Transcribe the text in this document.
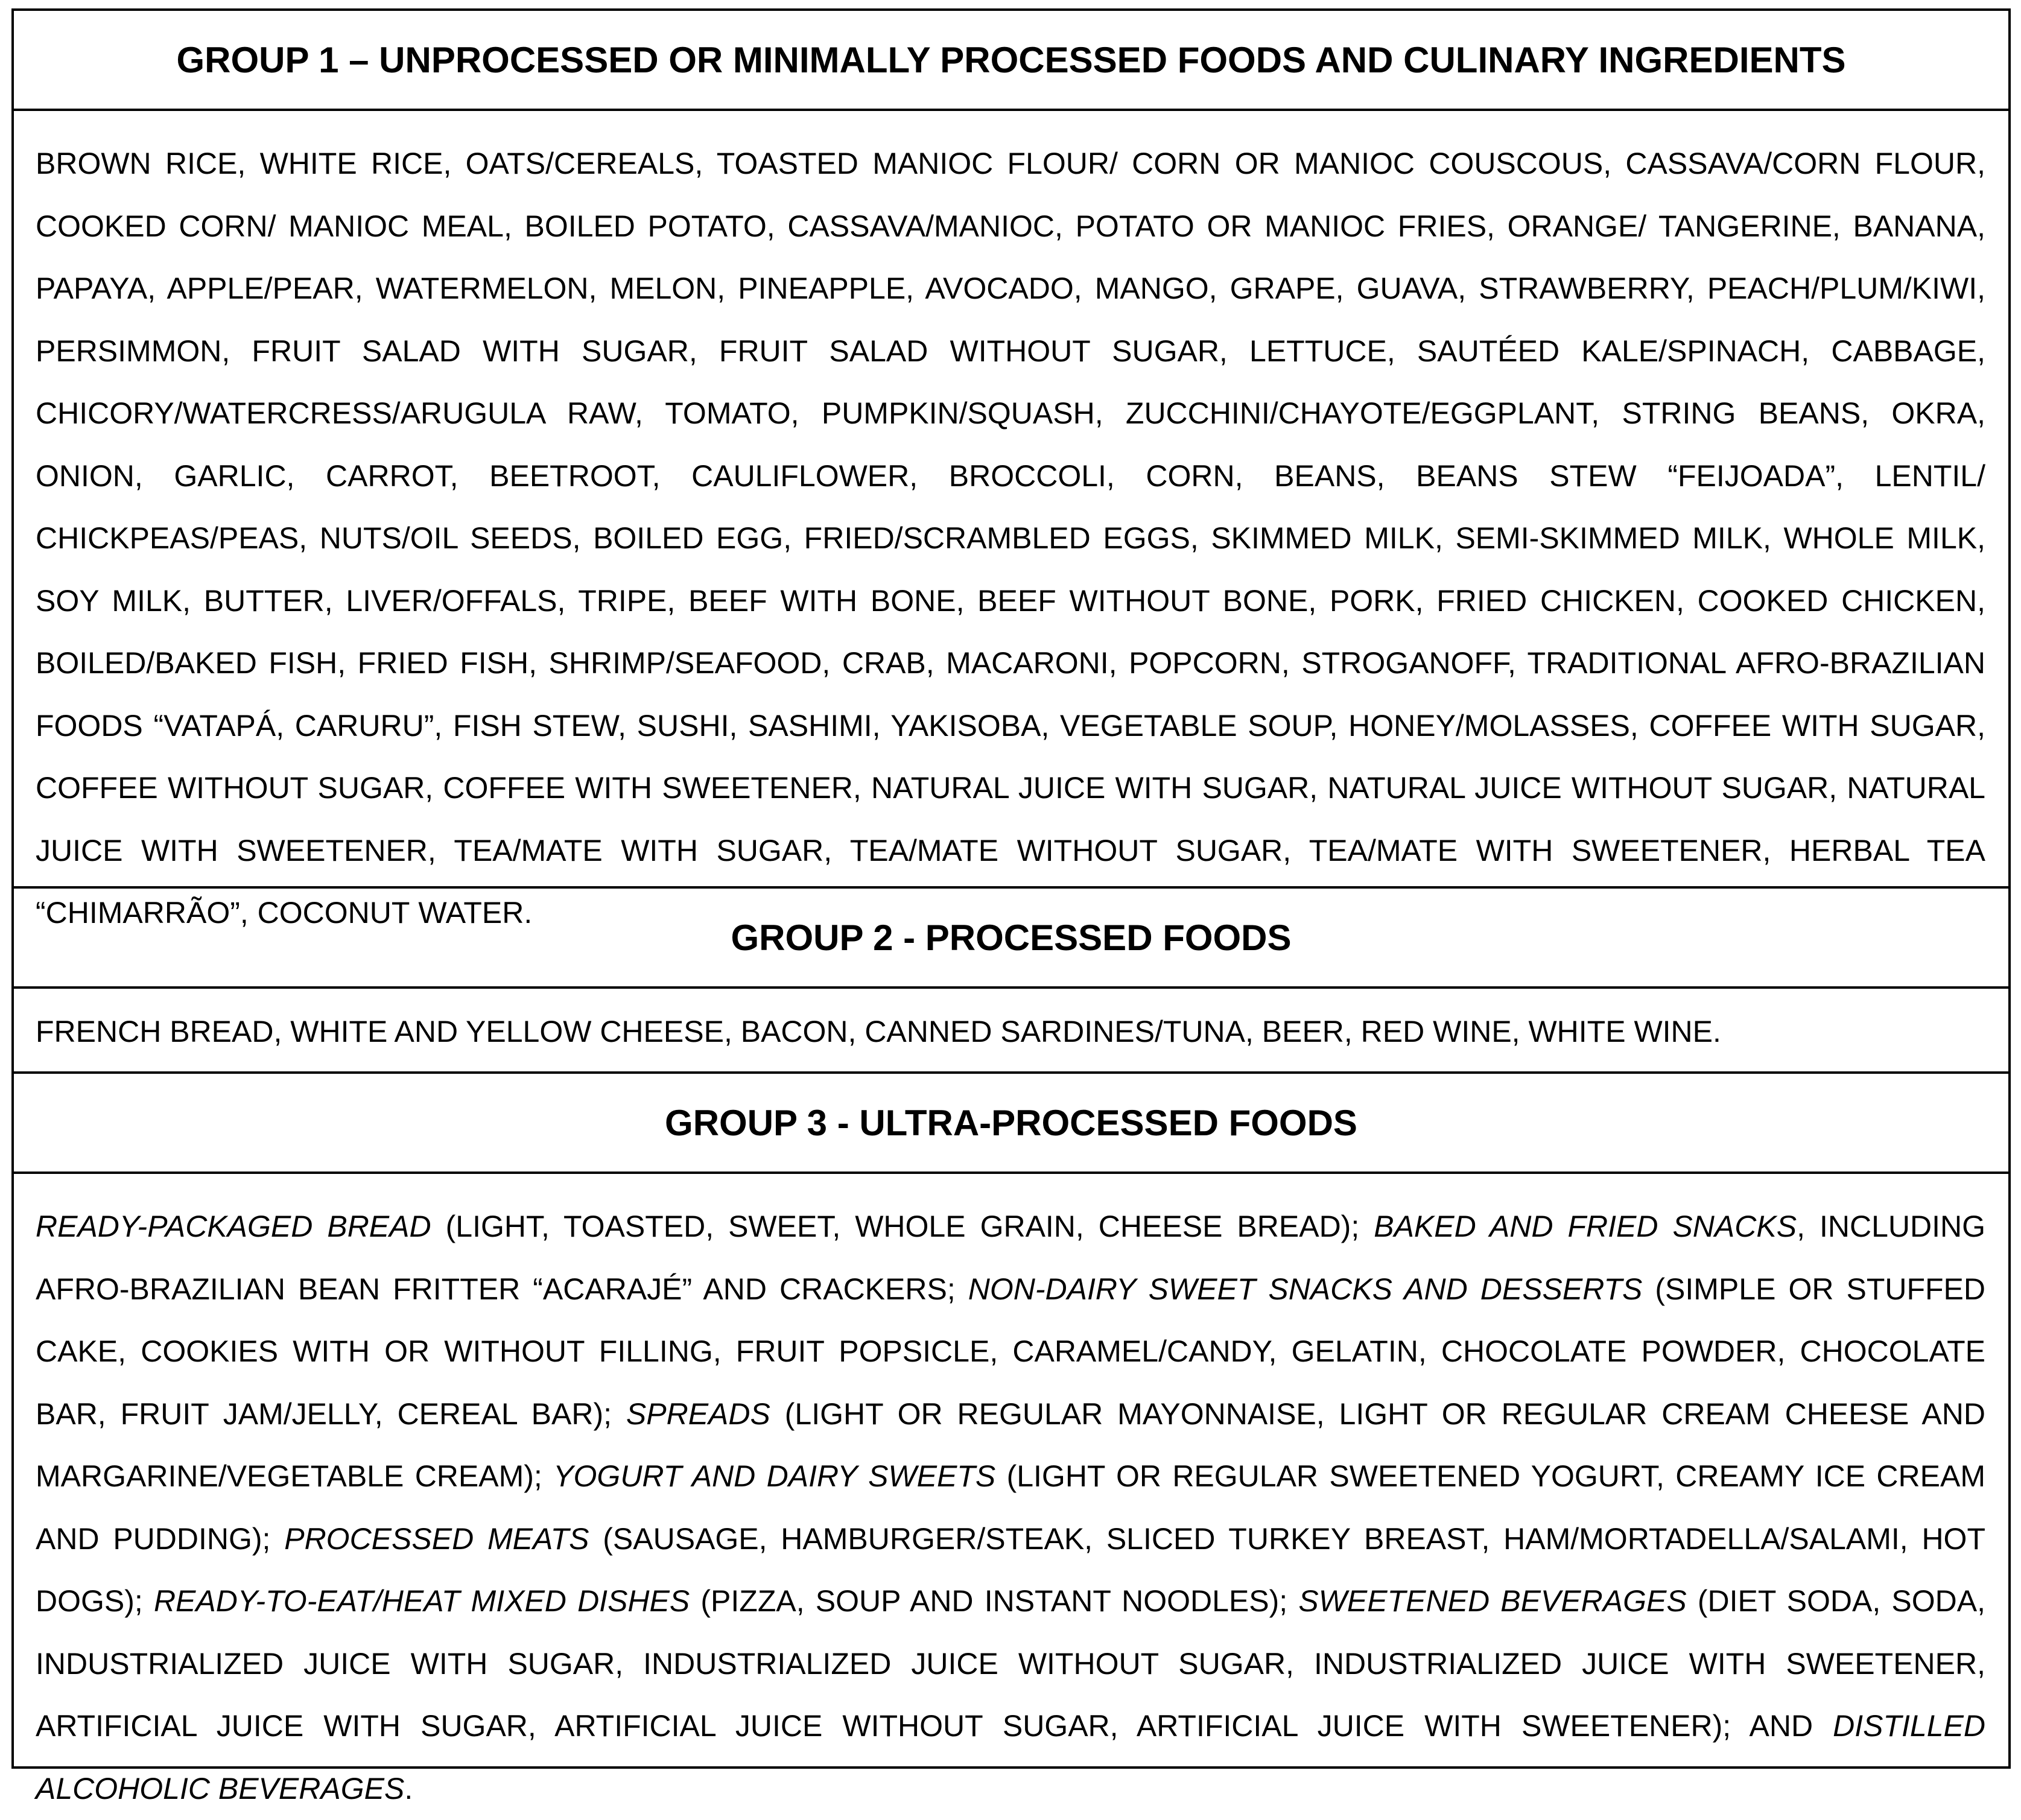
GROUP 1 – UNPROCESSED OR MINIMALLY PROCESSED FOODS AND CULINARY INGREDIENTS
BROWN RICE, WHITE RICE, OATS/CEREALS, TOASTED MANIOC FLOUR/ CORN OR MANIOC COUSCOUS, CASSAVA/CORN FLOUR, COOKED CORN/ MANIOC MEAL, BOILED POTATO, CASSAVA/MANIOC, POTATO OR MANIOC FRIES, ORANGE/ TANGERINE, BANANA, PAPAYA, APPLE/PEAR, WATERMELON, MELON, PINEAPPLE, AVOCADO, MANGO, GRAPE, GUAVA, STRAWBERRY, PEACH/PLUM/KIWI, PERSIMMON, FRUIT SALAD WITH SUGAR, FRUIT SALAD WITHOUT SUGAR, LETTUCE, SAUTÉED KALE/SPINACH, CABBAGE, CHICORY/WATERCRESS/ARUGULA RAW, TOMATO, PUMPKIN/SQUASH, ZUCCHINI/CHAYOTE/EGGPLANT, STRING BEANS, OKRA, ONION, GARLIC, CARROT, BEETROOT, CAULIFLOWER, BROCCOLI, CORN, BEANS, BEANS STEW “FEIJOADA”, LENTIL/ CHICKPEAS/PEAS, NUTS/OIL SEEDS, BOILED EGG, FRIED/SCRAMBLED EGGS, SKIMMED MILK, SEMI-SKIMMED MILK, WHOLE MILK, SOY MILK, BUTTER, LIVER/OFFALS, TRIPE, BEEF WITH BONE, BEEF WITHOUT BONE, PORK, FRIED CHICKEN, COOKED CHICKEN, BOILED/BAKED FISH, FRIED FISH, SHRIMP/SEAFOOD, CRAB, MACARONI, POPCORN, STROGANOFF, TRADITIONAL AFRO-BRAZILIAN FOODS “VATAPÁ, CARURU”, FISH STEW, SUSHI, SASHIMI, YAKISOBA, VEGETABLE SOUP, HONEY/MOLASSES, COFFEE WITH SUGAR, COFFEE WITHOUT SUGAR, COFFEE WITH SWEETENER, NATURAL JUICE WITH SUGAR, NATURAL JUICE WITHOUT SUGAR, NATURAL JUICE WITH SWEETENER, TEA/MATE WITH SUGAR, TEA/MATE WITHOUT SUGAR, TEA/MATE WITH SWEETENER, HERBAL TEA “CHIMARRÃO”, COCONUT WATER.
GROUP 2 - PROCESSED FOODS
FRENCH BREAD, WHITE AND YELLOW CHEESE, BACON, CANNED SARDINES/TUNA, BEER, RED WINE, WHITE WINE.
GROUP 3 - ULTRA-PROCESSED FOODS
READY-PACKAGED BREAD (LIGHT, TOASTED, SWEET, WHOLE GRAIN, CHEESE BREAD); BAKED AND FRIED SNACKS, INCLUDING AFRO-BRAZILIAN BEAN FRITTER “ACARAJÉ” AND CRACKERS; NON-DAIRY SWEET SNACKS AND DESSERTS (SIMPLE OR STUFFED CAKE, COOKIES WITH OR WITHOUT FILLING, FRUIT POPSICLE, CARAMEL/CANDY, GELATIN, CHOCOLATE POWDER, CHOCOLATE BAR, FRUIT JAM/JELLY, CEREAL BAR); SPREADS (LIGHT OR REGULAR MAYONNAISE, LIGHT OR REGULAR CREAM CHEESE AND MARGARINE/VEGETABLE CREAM); YOGURT AND DAIRY SWEETS (LIGHT OR REGULAR SWEETENED YOGURT, CREAMY ICE CREAM AND PUDDING); PROCESSED MEATS (SAUSAGE, HAMBURGER/STEAK, SLICED TURKEY BREAST, HAM/MORTADELLA/SALAMI, HOT DOGS); READY-TO-EAT/HEAT MIXED DISHES (PIZZA, SOUP AND INSTANT NOODLES); SWEETENED BEVERAGES (DIET SODA, SODA, INDUSTRIALIZED JUICE WITH SUGAR, INDUSTRIALIZED JUICE WITHOUT SUGAR, INDUSTRIALIZED JUICE WITH SWEETENER, ARTIFICIAL JUICE WITH SUGAR, ARTIFICIAL JUICE WITHOUT SUGAR, ARTIFICIAL JUICE WITH SWEETENER); AND DISTILLED ALCOHOLIC BEVERAGES.
